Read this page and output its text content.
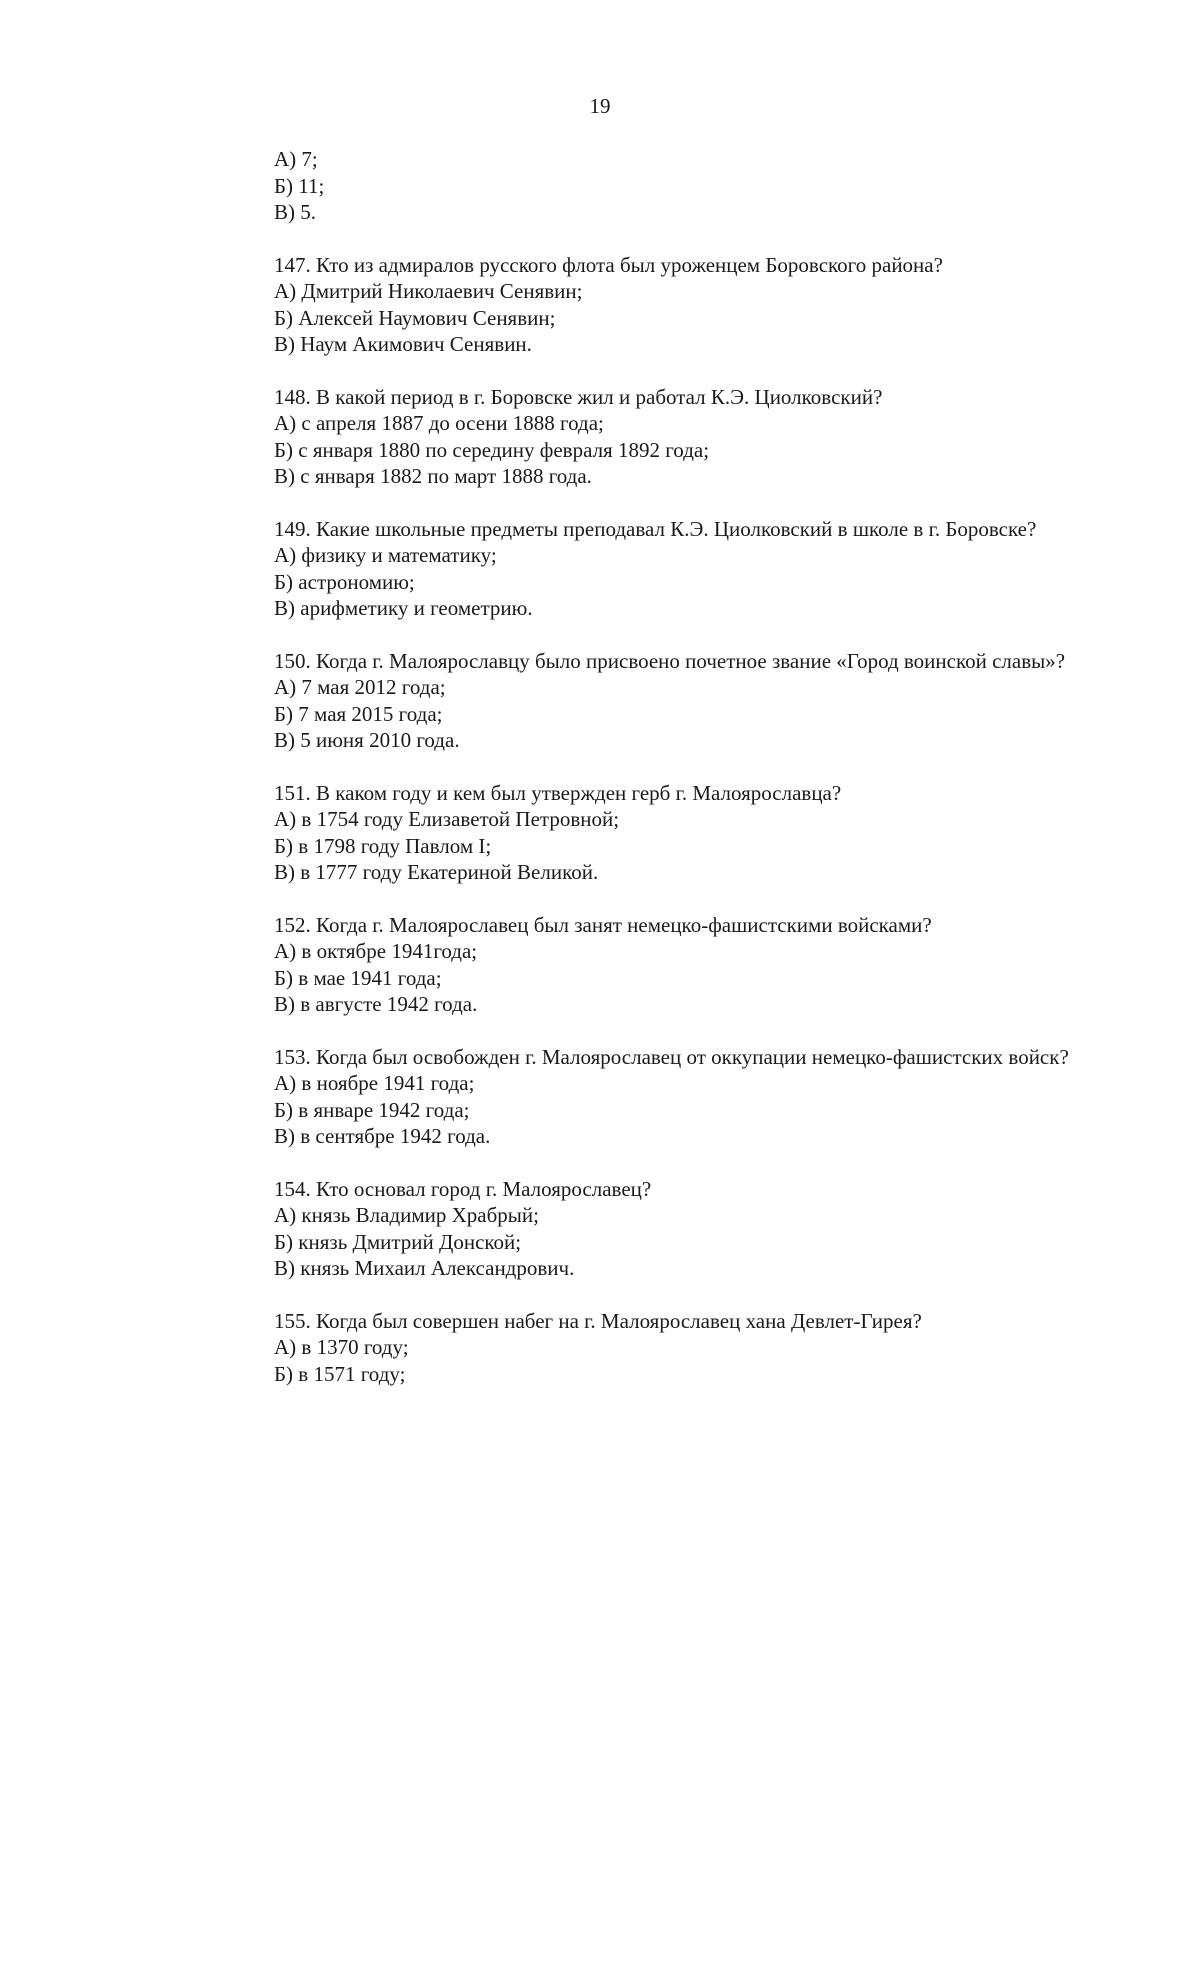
19
А) 7;
Б) 11;
В) 5.
147. Кто из адмиралов русского флота был уроженцем Боровского района?
А) Дмитрий Николаевич Сенявин;
Б) Алексей Наумович Сенявин;
В) Наум Акимович Сенявин.
148. В какой период в г. Боровске жил и работал К.Э. Циолковский?
А) с апреля 1887 до осени 1888 года;
Б) с января 1880 по середину февраля 1892 года;
В) с января 1882 по март 1888 года.
149. Какие школьные предметы преподавал К.Э. Циолковский в школе в г. Боровске?
А) физику и математику;
Б) астрономию;
В) арифметику и геометрию.
150. Когда г. Малоярославцу было присвоено почетное звание «Город воинской славы»?
А) 7 мая 2012 года;
Б) 7 мая 2015 года;
В) 5 июня 2010 года.
151. В каком году и кем был утвержден герб г. Малоярославца?
А) в 1754 году Елизаветой Петровной;
Б) в 1798 году Павлом I;
В) в 1777 году Екатериной Великой.
152. Когда г. Малоярославец был занят немецко-фашистскими войсками?
А) в октябре 1941года;
Б) в мае 1941 года;
В) в августе 1942 года.
153. Когда был освобожден г. Малоярославец от оккупации немецко-фашистских войск?
А) в ноябре 1941 года;
Б) в январе 1942 года;
В) в сентябре 1942 года.
154. Кто основал город г. Малоярославец?
А) князь Владимир Храбрый;
Б) князь Дмитрий Донской;
В) князь Михаил Александрович.
155. Когда был совершен набег на г. Малоярославец хана Девлет-Гирея?
А) в 1370 году;
Б) в 1571 году;
